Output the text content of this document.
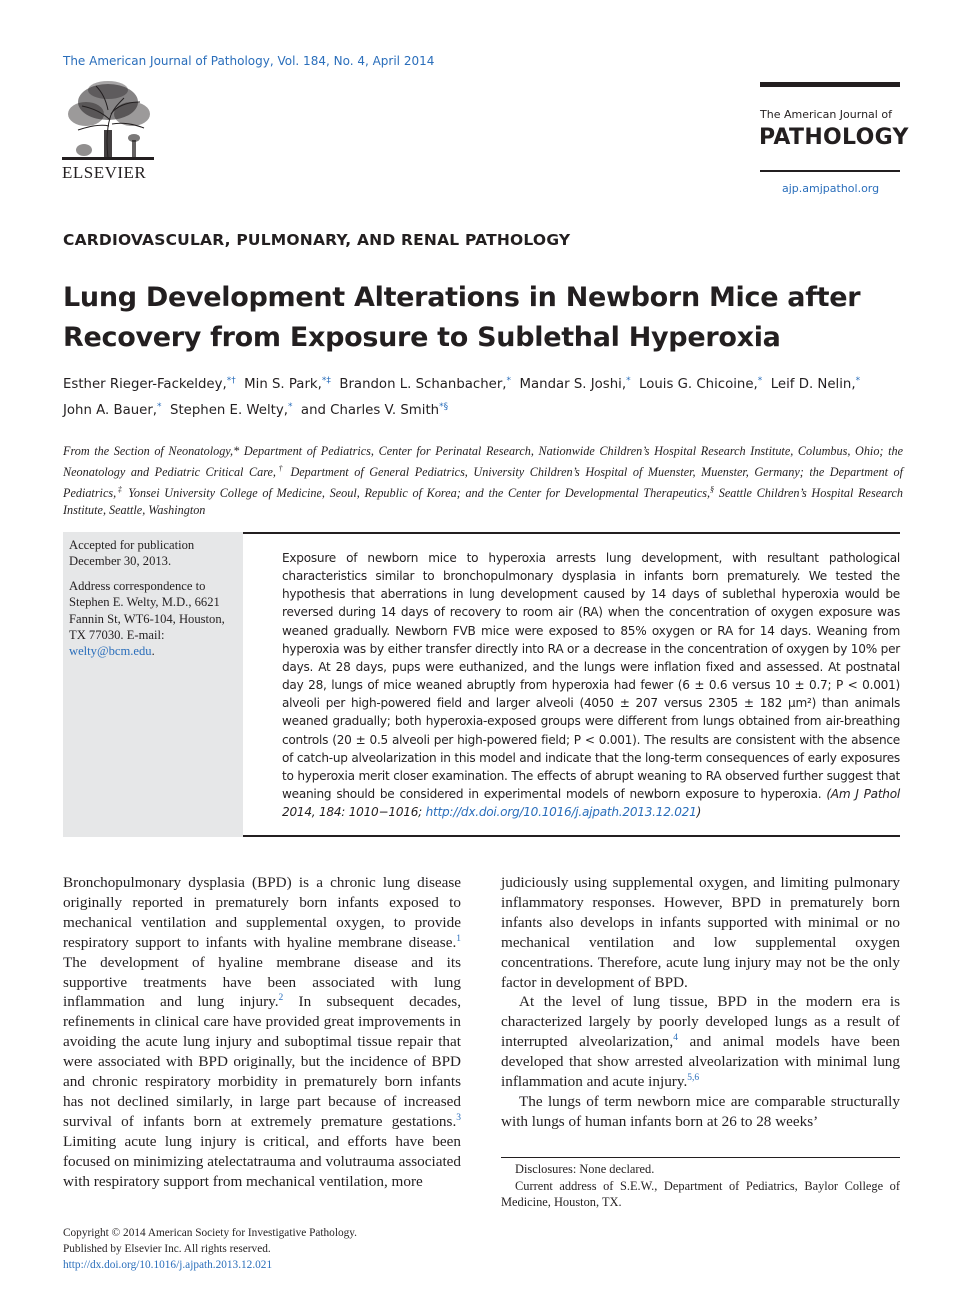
The American Journal of Pathology, Vol. 184, No. 4, April 2014
ELSEVIER
The American Journal of
PATHOLOGY
ajp.amjpathol.org
CARDIOVASCULAR, PULMONARY, AND RENAL PATHOLOGY
Lung Development Alterations in Newborn Mice after
Recovery from Exposure to Sublethal Hyperoxia
Esther Rieger-Fackeldey,*† Min S. Park,*‡ Brandon L. Schanbacher,* Mandar S. Joshi,* Louis G. Chicoine,* Leif D. Nelin,*
John A. Bauer,* Stephen E. Welty,* and Charles V. Smith*§
From the Section of Neonatology,* Department of Pediatrics, Center for Perinatal Research, Nationwide Children’s Hospital Research Institute, Columbus, Ohio; the Neonatology and Pediatric Critical Care,† Department of General Pediatrics, University Children’s Hospital of Muenster, Muenster, Germany; the Department of Pediatrics,‡ Yonsei University College of Medicine, Seoul, Republic of Korea; and the Center for Developmental Therapeutics,§ Seattle Children’s Hospital Research Institute, Seattle, Washington

Accepted for publication December 30, 2013.

Address correspondence to Stephen E. Welty, M.D., 6621 Fannin St, WT6-104, Houston, TX 77030. E-mail: welty@bcm.edu.

Exposure of newborn mice to hyperoxia arrests lung development, with resultant pathological characteristics similar to bronchopulmonary dysplasia in infants born prematurely. We tested the hypothesis that aberrations in lung development caused by 14 days of sublethal hyperoxia would be reversed during 14 days of recovery to room air (RA) when the concentration of oxygen exposure was weaned gradually. Newborn FVB mice were exposed to 85% oxygen or RA for 14 days. Weaning from hyperoxia was by either transfer directly into RA or a decrease in the concentration of oxygen by 10% per days. At 28 days, pups were euthanized, and the lungs were inflation fixed and assessed. At postnatal day 28, lungs of mice weaned abruptly from hyperoxia had fewer (6 ± 0.6 versus 10 ± 0.7; P < 0.001) alveoli per high-powered field and larger alveoli (4050 ± 207 versus 2305 ± 182 μm²) than animals weaned gradually; both hyperoxia-exposed groups were different from lungs obtained from air-breathing controls (20 ± 0.5 alveoli per high-powered field; P < 0.001). The results are consistent with the absence of catch-up alveolarization in this model and indicate that the long-term consequences of early exposures to hyperoxia merit closer examination. The effects of abrupt weaning to RA observed further suggest that weaning should be considered in experimental models of newborn exposure to hyperoxia. (Am J Pathol 2014, 184: 1010−1016; http://dx.doi.org/10.1016/j.ajpath.2013.12.021)

Bronchopulmonary dysplasia (BPD) is a chronic lung disease originally reported in prematurely born infants exposed to mechanical ventilation and supplemental oxygen, to provide respiratory support to infants with hyaline membrane disease.$^1$ The development of hyaline membrane disease and its supportive treatments have been associated with lung inflammation and lung injury.$^2$ In subsequent decades, refinements in clinical care have provided great improvements in avoiding the acute lung injury and suboptimal tissue repair that were associated with BPD originally, but the incidence of BPD and chronic respiratory morbidity in prematurely born infants has not declined similarly, in large part because of increased survival of infants born at extremely premature gestations.$^3$ Limiting acute lung injury is critical, and efforts have been focused on minimizing atelectatrauma and volutrauma associated with respiratory support from mechanical ventilation, more

judiciously using supplemental oxygen, and limiting pulmonary inflammatory responses. However, BPD in prematurely born infants also develops in infants supported with minimal or no mechanical ventilation and low supplemental oxygen concentrations. Therefore, acute lung injury may not be the only factor in development of BPD.

At the level of lung tissue, BPD in the modern era is characterized largely by poorly developed lungs as a result of interrupted alveolarization,$^4$ and animal models have been developed that show arrested alveolarization with minimal lung inflammation and acute injury.$^{5,6}$

The lungs of term newborn mice are comparable structurally with lungs of human infants born at 26 to 28 weeks’

Disclosures: None declared.

Current address of S.E.W., Department of Pediatrics, Baylor College of Medicine, Houston, TX.

Copyright © 2014 American Society for Investigative Pathology.
Published by Elsevier Inc. All rights reserved.
http://dx.doi.org/10.1016/j.ajpath.2013.12.021
